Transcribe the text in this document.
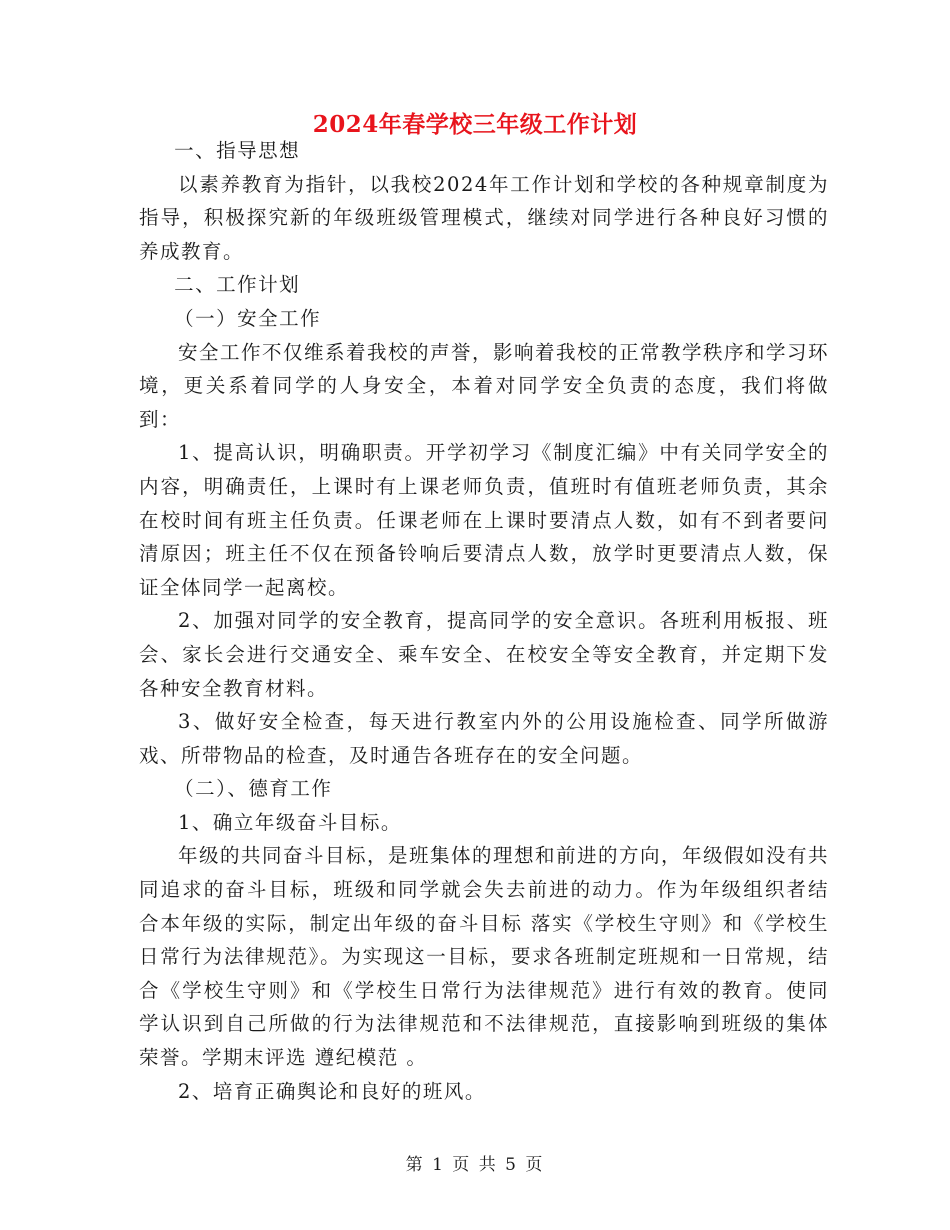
2024年春学校三年级工作计划

一、指导思想

以素养教育为指针，以我校2024年工作计划和学校的各种规章制度为指导，积极探究新的年级班级管理模式，继续对同学进行各种良好习惯的养成教育。

二、工作计划

（一）安全工作

安全工作不仅维系着我校的声誉，影响着我校的正常教学秩序和学习环境，更关系着同学的人身安全，本着对同学安全负责的态度，我们将做到：

1、提高认识，明确职责。开学初学习《制度汇编》中有关同学安全的内容，明确责任，上课时有上课老师负责，值班时有值班老师负责，其余在校时间有班主任负责。任课老师在上课时要清点人数，如有不到者要问清原因；班主任不仅在预备铃响后要清点人数，放学时更要清点人数，保证全体同学一起离校。

2、加强对同学的安全教育，提高同学的安全意识。各班利用板报、班会、家长会进行交通安全、乘车安全、在校安全等安全教育，并定期下发各种安全教育材料。

3、做好安全检查，每天进行教室内外的公用设施检查、同学所做游戏、所带物品的检查，及时通告各班存在的安全问题。

（二）、德育工作

1、确立年级奋斗目标。

年级的共同奋斗目标，是班集体的理想和前进的方向，年级假如没有共同追求的奋斗目标，班级和同学就会失去前进的动力。作为年级组织者结合本年级的实际，制定出年级的奋斗目标 落实《学校生守则》和《学校生日常行为法律规范》。为实现这一目标，要求各班制定班规和一日常规，结合《学校生守则》和《学校生日常行为法律规范》进行有效的教育。使同学认识到自己所做的行为法律规范和不法律规范，直接影响到班级的集体荣誉。学期末评选 遵纪模范 。

2、培育正确舆论和良好的班风。

第 1 页 共 5 页
